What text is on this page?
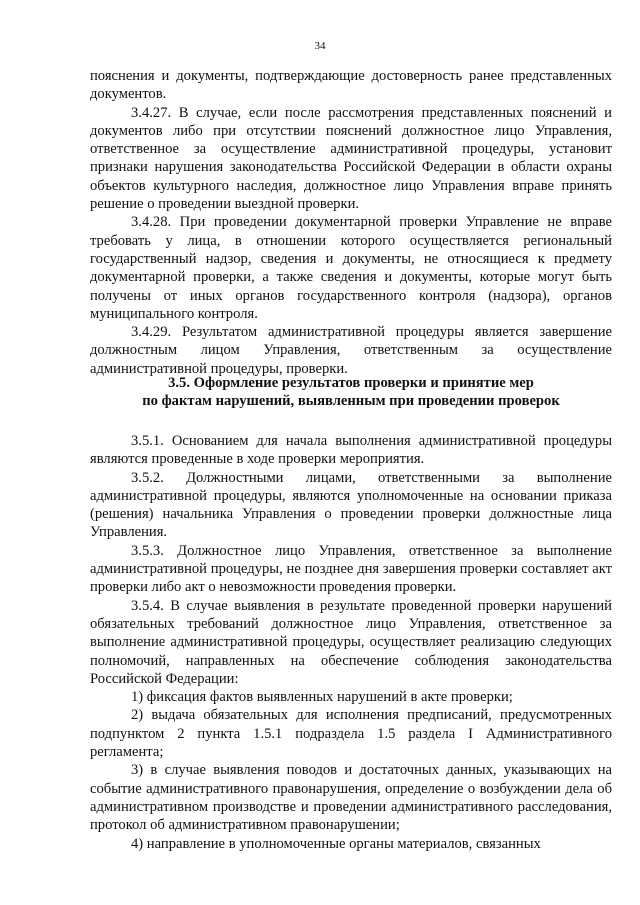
34

пояснения и документы, подтверждающие достоверность ранее представленных документов.

3.4.27. В случае, если после рассмотрения представленных пояснений и документов либо при отсутствии пояснений должностное лицо Управления, ответственное за осуществление административной процедуры, установит признаки нарушения законодательства Российской Федерации в области охраны объектов культурного наследия, должностное лицо Управления вправе принять решение о проведении выездной проверки.

3.4.28. При проведении документарной проверки Управление не вправе требовать у лица, в отношении которого осуществляется региональный государственный надзор, сведения и документы, не относящиеся к предмету документарной проверки, а также сведения и документы, которые могут быть получены от иных органов государственного контроля (надзора), органов муниципального контроля.

3.4.29. Результатом административной процедуры является завершение должностным лицом Управления, ответственным за осуществление административной процедуры, проверки.

3.5. Оформление результатов проверки и принятие мер
по фактам нарушений, выявленным при проведении проверок

3.5.1. Основанием для начала выполнения административной процедуры являются проведенные в ходе проверки мероприятия.

3.5.2. Должностными лицами, ответственными за выполнение административной процедуры, являются уполномоченные на основании приказа (решения) начальника Управления о проведении проверки должностные лица Управления.

3.5.3. Должностное лицо Управления, ответственное за выполнение административной процедуры, не позднее дня завершения проверки составляет акт проверки либо акт о невозможности проведения проверки.

3.5.4. В случае выявления в результате проведенной проверки нарушений обязательных требований должностное лицо Управления, ответственное за выполнение административной процедуры, осуществляет реализацию следующих полномочий, направленных на обеспечение соблюдения законодательства Российской Федерации:

1) фиксация фактов выявленных нарушений в акте проверки;

2) выдача обязательных для исполнения предписаний, предусмотренных подпунктом 2 пункта 1.5.1 подраздела 1.5 раздела I Административного регламента;

3) в случае выявления поводов и достаточных данных, указывающих на событие административного правонарушения, определение о возбуждении дела об административном производстве и проведении административного расследования, протокол об административном правонарушении;

4) направление в уполномоченные органы материалов, связанных
